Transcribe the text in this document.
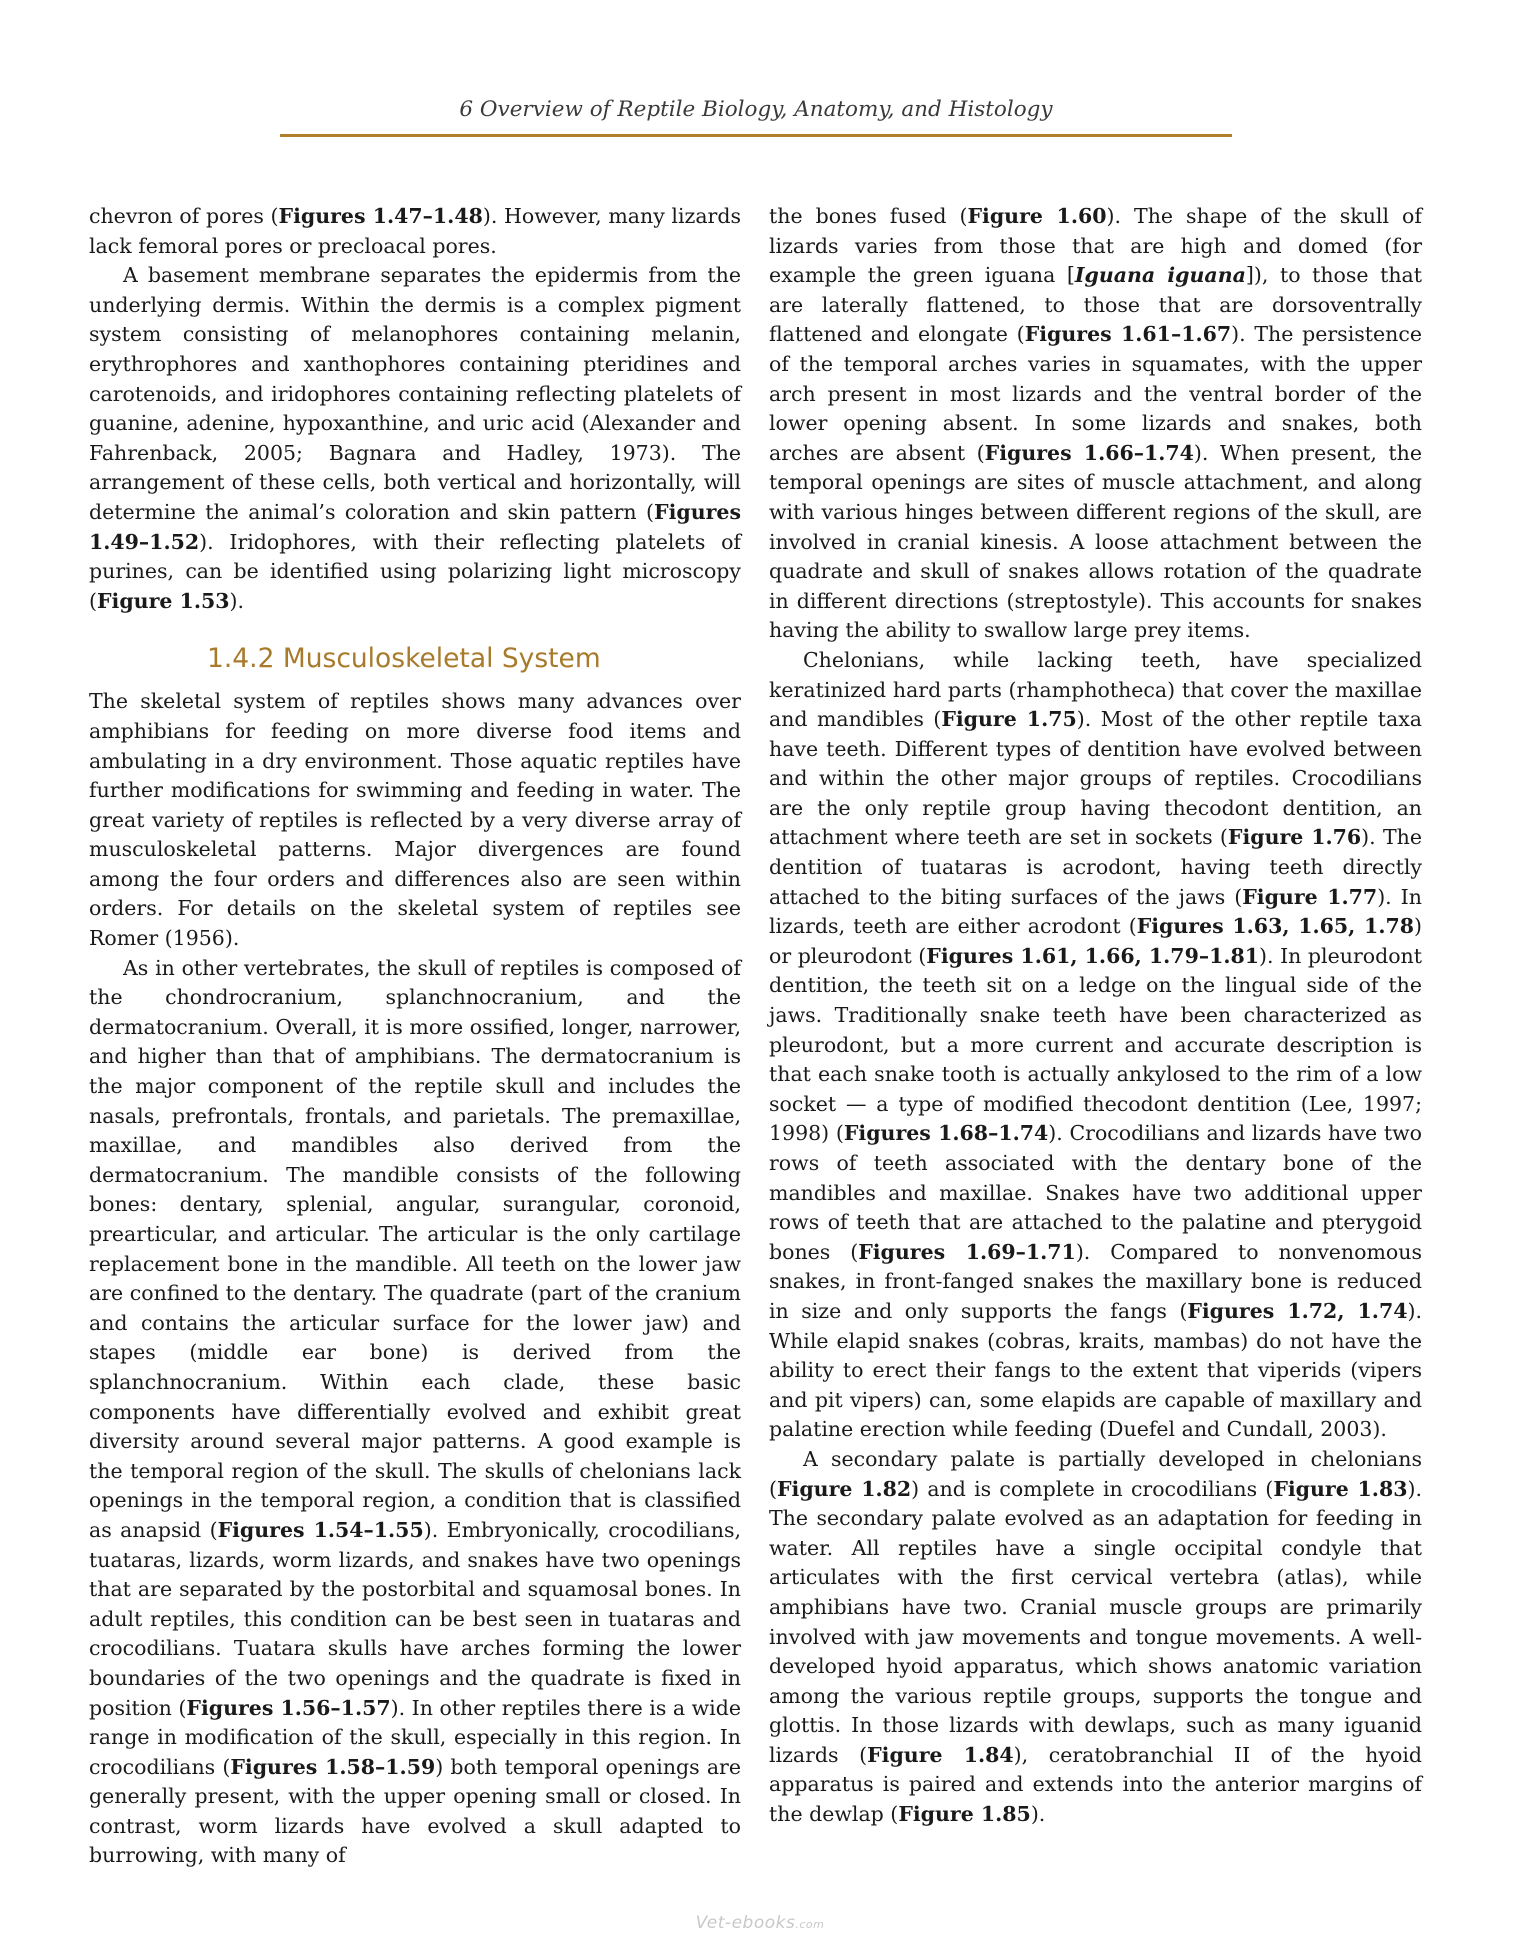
6 Overview of Reptile Biology, Anatomy, and Histology

chevron of pores (Figures 1.47–1.48). However, many lizards lack femoral pores or precloacal pores.

A basement membrane separates the epidermis from the underlying dermis. Within the dermis is a complex pigment system consisting of melanophores containing melanin, erythrophores and xanthophores containing pteridines and carotenoids, and iridophores containing reflecting platelets of guanine, adenine, hypoxanthine, and uric acid (Alexander and Fahrenback, 2005; Bagnara and Hadley, 1973). The arrangement of these cells, both vertical and horizontally, will determine the animal’s coloration and skin pattern (Figures 1.49–1.52). Iridophores, with their reflecting platelets of purines, can be identified using polarizing light microscopy (Figure 1.53).

1.4.2 Musculoskeletal System

The skeletal system of reptiles shows many advances over amphibians for feeding on more diverse food items and ambulating in a dry environment. Those aquatic reptiles have further modifications for swimming and feeding in water. The great variety of reptiles is reflected by a very diverse array of musculoskeletal patterns. Major divergences are found among the four orders and differences also are seen within orders. For details on the skeletal system of reptiles see Romer (1956).

As in other vertebrates, the skull of reptiles is composed of the chondrocranium, splanchnocranium, and the dermatocranium. Overall, it is more ossified, longer, narrower, and higher than that of amphibians. The dermatocranium is the major component of the reptile skull and includes the nasals, prefrontals, frontals, and parietals. The premaxillae, maxillae, and mandibles also derived from the dermatocranium. The mandible consists of the following bones: dentary, splenial, angular, surangular, coronoid, prearticular, and articular. The articular is the only cartilage replacement bone in the mandible. All teeth on the lower jaw are confined to the dentary. The quadrate (part of the cranium and contains the articular surface for the lower jaw) and stapes (middle ear bone) is derived from the splanchnocranium. Within each clade, these basic components have differentially evolved and exhibit great diversity around several major patterns. A good example is the temporal region of the skull. The skulls of chelonians lack openings in the temporal region, a condition that is classified as anapsid (Figures 1.54–1.55). Embryonically, crocodilians, tuataras, lizards, worm lizards, and snakes have two openings that are separated by the postorbital and squamosal bones. In adult reptiles, this condition can be best seen in tuataras and crocodilians. Tuatara skulls have arches forming the lower boundaries of the two openings and the quadrate is fixed in position (Figures 1.56–1.57). In other reptiles there is a wide range in modification of the skull, especially in this region. In crocodilians (Figures 1.58–1.59) both temporal openings are generally present, with the upper opening small or closed. In contrast, worm lizards have evolved a skull adapted to burrowing, with many of

the bones fused (Figure 1.60). The shape of the skull of lizards varies from those that are high and domed (for example the green iguana [Iguana iguana]), to those that are laterally flattened, to those that are dorsoventrally flattened and elongate (Figures 1.61–1.67). The persistence of the temporal arches varies in squamates, with the upper arch present in most lizards and the ventral border of the lower opening absent. In some lizards and snakes, both arches are absent (Figures 1.66–1.74). When present, the temporal openings are sites of muscle attachment, and along with various hinges between different regions of the skull, are involved in cranial kinesis. A loose attachment between the quadrate and skull of snakes allows rotation of the quadrate in different directions (streptostyle). This accounts for snakes having the ability to swallow large prey items.

Chelonians, while lacking teeth, have specialized keratinized hard parts (rhamphotheca) that cover the maxillae and mandibles (Figure 1.75). Most of the other reptile taxa have teeth. Different types of dentition have evolved between and within the other major groups of reptiles. Crocodilians are the only reptile group having thecodont dentition, an attachment where teeth are set in sockets (Figure 1.76). The dentition of tuataras is acrodont, having teeth directly attached to the biting surfaces of the jaws (Figure 1.77). In lizards, teeth are either acrodont (Figures 1.63, 1.65, 1.78) or pleurodont (Figures 1.61, 1.66, 1.79–1.81). In pleurodont dentition, the teeth sit on a ledge on the lingual side of the jaws. Traditionally snake teeth have been characterized as pleurodont, but a more current and accurate description is that each snake tooth is actually ankylosed to the rim of a low socket — a type of modified thecodont dentition (Lee, 1997; 1998) (Figures 1.68–1.74). Crocodilians and lizards have two rows of teeth associated with the dentary bone of the mandibles and maxillae. Snakes have two additional upper rows of teeth that are attached to the palatine and pterygoid bones (Figures 1.69–1.71). Compared to nonvenomous snakes, in front-fanged snakes the maxillary bone is reduced in size and only supports the fangs (Figures 1.72, 1.74). While elapid snakes (cobras, kraits, mambas) do not have the ability to erect their fangs to the extent that viperids (vipers and pit vipers) can, some elapids are capable of maxillary and palatine erection while feeding (Duefel and Cundall, 2003).

A secondary palate is partially developed in chelonians (Figure 1.82) and is complete in crocodilians (Figure 1.83). The secondary palate evolved as an adaptation for feeding in water. All reptiles have a single occipital condyle that articulates with the first cervical vertebra (atlas), while amphibians have two. Cranial muscle groups are primarily involved with jaw movements and tongue movements. A well-developed hyoid apparatus, which shows anatomic variation among the various reptile groups, supports the tongue and glottis. In those lizards with dewlaps, such as many iguanid lizards (Figure 1.84), ceratobranchial II of the hyoid apparatus is paired and extends into the anterior margins of the dewlap (Figure 1.85).

Vet-ebooks.com
